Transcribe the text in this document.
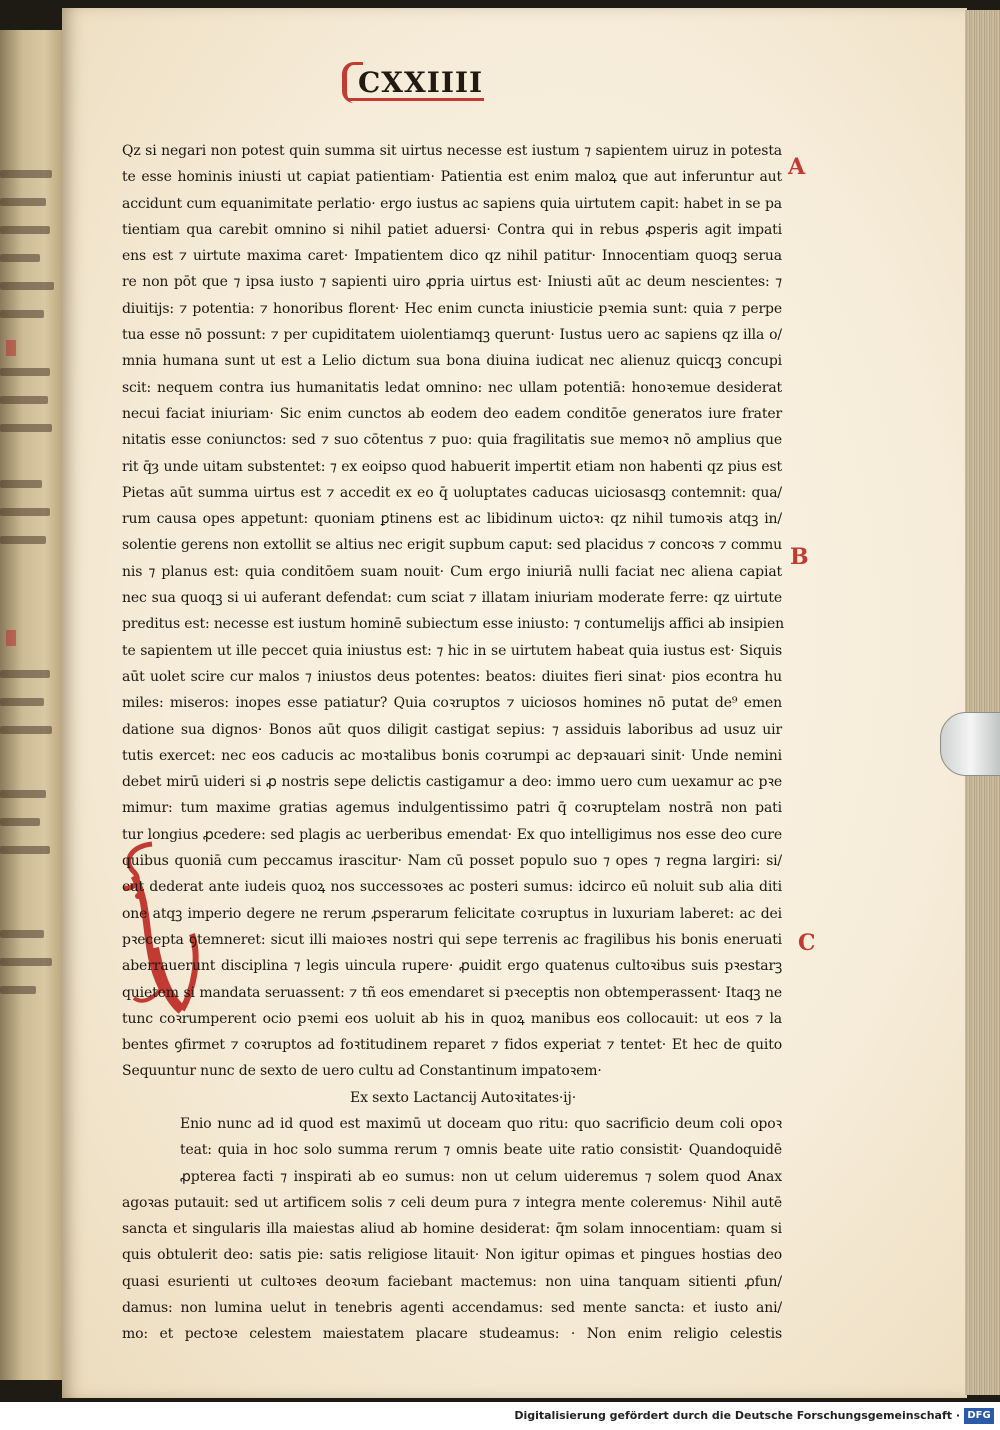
CXXIIII
A
B
C
Qz si negari non potest quin summa sit uirtus necesse est iustum ⁊ sapientem uiruz in potesta
te esse hominis iniusti ut capiat patientiam· Patientia est enim maloꝝ que aut inferuntur aut
accidunt cum equanimitate perlatio· ergo iustus ac sapiens quia uirtutem capit: habet in se pa
tientiam qua carebit omnino si nihil patiet aduersi· Contra qui in rebus ꝓsperis agit impati
ens est ⁊ uirtute maxima caret· Impatientem dico qz nihil patitur· Innocentiam quoqꝫ serua
re non pōt que ⁊ ipsa iusto ⁊ sapienti uiro ꝓpria uirtus est· Iniusti aūt ac deum nescientes: ⁊
diuitijs: ⁊ potentia: ⁊ honoribus florent· Hec enim cuncta iniusticie pꝛemia sunt: quia ⁊ perpe
tua esse nō possunt: ⁊ per cupiditatem uiolentiamqꝫ querunt· Iustus uero ac sapiens qz illa o/
mnia humana sunt ut est a Lelio dictum sua bona diuina iudicat nec alienuz quicqꝫ concupi
scit: nequem contra ius humanitatis ledat omnino: nec ullam potentiā: honoꝛemue desiderat
necui faciat iniuriam· Sic enim cunctos ab eodem deo eadem conditōe generatos iure frater
nitatis esse coniunctos: sed ⁊ suo cōtentus ⁊ puo: quia fragilitatis sue memoꝛ nō amplius que
rit q̄ȝ unde uitam substentet: ⁊ ex eoipso quod habuerit impertit etiam non habenti qz pius est
Pietas aūt summa uirtus est ⁊ accedit ex eo q̄ uoluptates caducas uiciosasqꝫ contemnit: qua/
rum causa opes appetunt: quoniam ꝑtinens est ac libidinum uictoꝛ: qz nihil tumoꝛis atqꝫ in/
solentie gerens non extollit se altius nec erigit supbum caput: sed placidus ⁊ concoꝛs ⁊ commu
nis ⁊ planus est: quia conditōem suam nouit· Cum ergo iniuriā nulli faciat nec aliena capiat
nec sua quoqꝫ si ui auferant defendat: cum sciat ⁊ illatam iniuriam moderate ferre: qz uirtute
preditus est: necesse est iustum hominē subiectum esse iniusto: ⁊ contumelijs affici ab insipien
te sapientem ut ille peccet quia iniustus est: ⁊ hic in se uirtutem habeat quia iustus est· Siquis
aūt uolet scire cur malos ⁊ iniustos deus potentes: beatos: diuites fieri sinat· pios econtra hu
miles: miseros: inopes esse patiatur? Quia coꝛruptos ⁊ uiciosos homines nō putat de⁹ emen
datione sua dignos· Bonos aūt quos diligit castigat sepius: ⁊ assiduis laboribus ad usuz uir
tutis exercet: nec eos caducis ac moꝛtalibus bonis coꝛrumpi ac depꝛauari sinit· Unde nemini
debet mirū uideri si ꝓ nostris sepe delictis castigamur a deo: immo uero cum uexamur ac pꝛe
mimur: tum maxime gratias agemus indulgentissimo patri q̄ coꝛruptelam nostrā non pati
tur longius ꝓcedere: sed plagis ac uerberibus emendat· Ex quo intelligimus nos esse deo cure
quibus quoniā cum peccamus irascitur· Nam cū posset populo suo ⁊ opes ⁊ regna largiri: si/
cut dederat ante iudeis quoꝝ nos successoꝛes ac posteri sumus: idcirco eū noluit sub alia diti
one atqꝫ imperio degere ne rerum ꝓsperarum felicitate coꝛruptus in luxuriam laberet: ac dei
pꝛecepta ꝯtemneret: sicut illi maioꝛes nostri qui sepe terrenis ac fragilibus his bonis eneruati
aberrauerunt disciplina ⁊ legis uincula rupere· ꝓuidit ergo quatenus cultoꝛibus suis pꝛestarꝫ
quietem si mandata seruassent: ⁊ tñ eos emendaret si pꝛeceptis non obtemperassent· Itaqꝫ ne
tunc coꝛrumperent ocio pꝛemi eos uoluit ab his in quoꝝ manibus eos collocauit: ut eos ⁊ la
bentes ꝯfirmet ⁊ coꝛruptos ad foꝛtitudinem reparet ⁊ fidos experiat ⁊ tentet· Et hec de quito
Sequuntur nunc de sexto de uero cultu ad Constantinum impatoꝛem·
Ex sexto Lactancij Autoꝛitates·ij·
Enio nunc ad id quod est maximū ut doceam quo ritu: quo sacrificio deum coli opoꝛ
teat: quia in hoc solo summa rerum ⁊ omnis beate uite ratio consistit· Quandoquidē
ꝓpterea facti ⁊ inspirati ab eo sumus: non ut celum uideremus ⁊ solem quod Anax
agoꝛas putauit: sed ut artificem solis ⁊ celi deum pura ⁊ integra mente coleremus· Nihil autē
sancta et singularis illa maiestas aliud ab homine desiderat: q̄m solam innocentiam: quam si
quis obtulerit deo: satis pie: satis religiose litauit· Non igitur opimas et pingues hostias deo
quasi esurienti ut cultoꝛes deoꝛum faciebant mactemus: non uina tanquam sitienti ꝓfun/
damus: non lumina uelut in tenebris agenti accendamus: sed mente sancta: et iusto ani/
mo: et pectoꝛe celestem maiestatem placare studeamus: · Non enim religio celestis
Digitalisierung gefördert durch die Deutsche Forschungsgemeinschaft · DFG
